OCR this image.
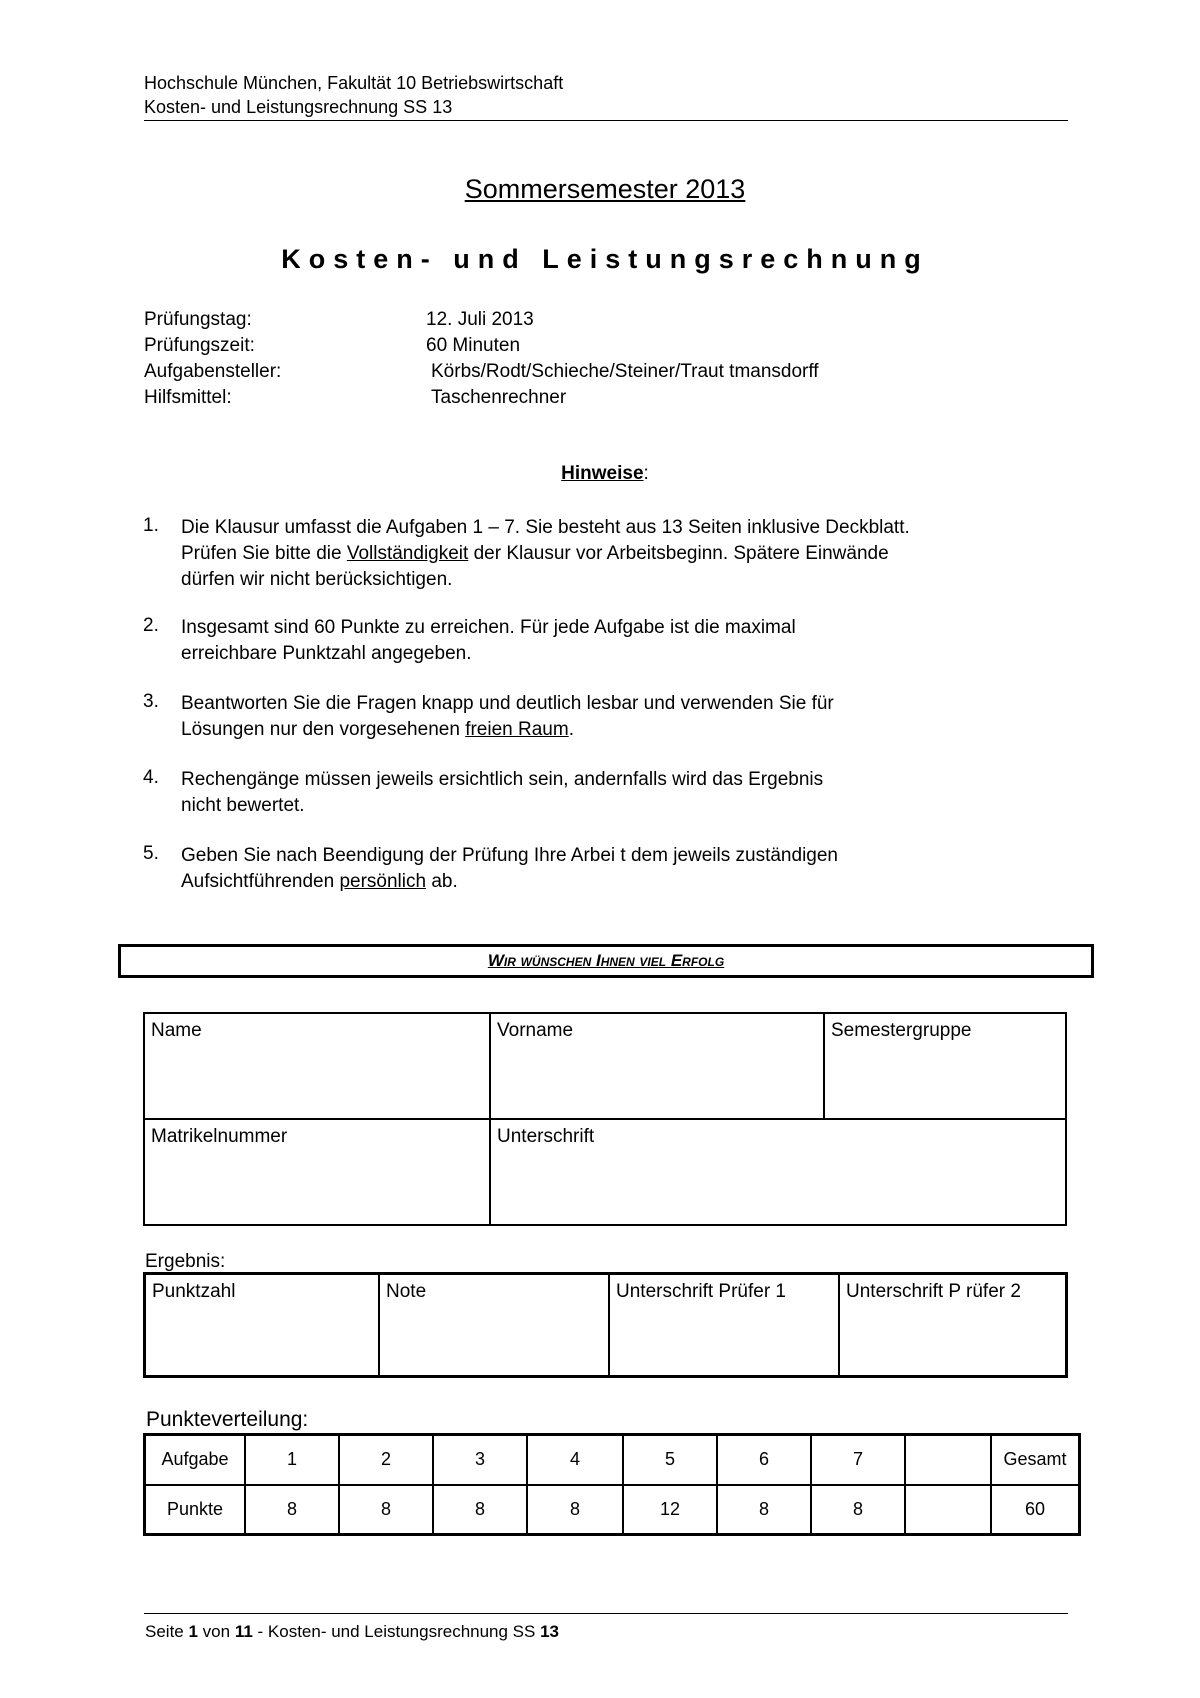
Hochschule München, Fakultät 10 Betriebswirtschaft
Kosten- und Leistungsrechnung SS 13
Sommersemester 2013
Kosten- und Leistungsrechnung
Prüfungstag:	12. Juli 2013
Prüfungszeit:	60 Minuten
Aufgabensteller:	Körbs/Rodt/Schieche/Steiner/Traut tmansdorff
Hilfsmittel:	Taschenrechner
Hinweise:
1. Die Klausur umfasst die Aufgaben 1 – 7. Sie besteht aus 13 Seiten inklusive Deckblatt.
Prüfen Sie bitte die Vollständigkeit der Klausur vor Arbeitsbeginn. Spätere Einwände
dürfen wir nicht berücksichtigen.
2. Insgesamt sind 60 Punkte zu erreichen. Für jede Aufgabe ist die maximal
erreichbare Punktzahl angegeben.
3. Beantworten Sie die Fragen knapp und deutlich lesbar und verwenden Sie für
Lösungen nur den vorgesehenen freien Raum.
4. Rechengänge müssen jeweils ersichtlich sein, andernfalls wird das Ergebnis
nicht bewertet.
5. Geben Sie nach Beendigung der Prüfung Ihre Arbei t dem jeweils zuständigen
Aufsichtführenden persönlich ab.
Wir wünschen Ihnen viel Erfolg
Name	Vorname	Semestergruppe
Matrikelnummer	Unterschrift	
Ergebnis:
Punktzahl	Note	Unterschrift Prüfer 1	Unterschrift P rüfer 2
Punkteverteilung:
Aufgabe	1	2	3	4	5	6	7		Gesamt
Punkte	8	8	8	8	12	8	8		60
Seite 1 von 11 - Kosten- und Leistungsrechnung SS 13
